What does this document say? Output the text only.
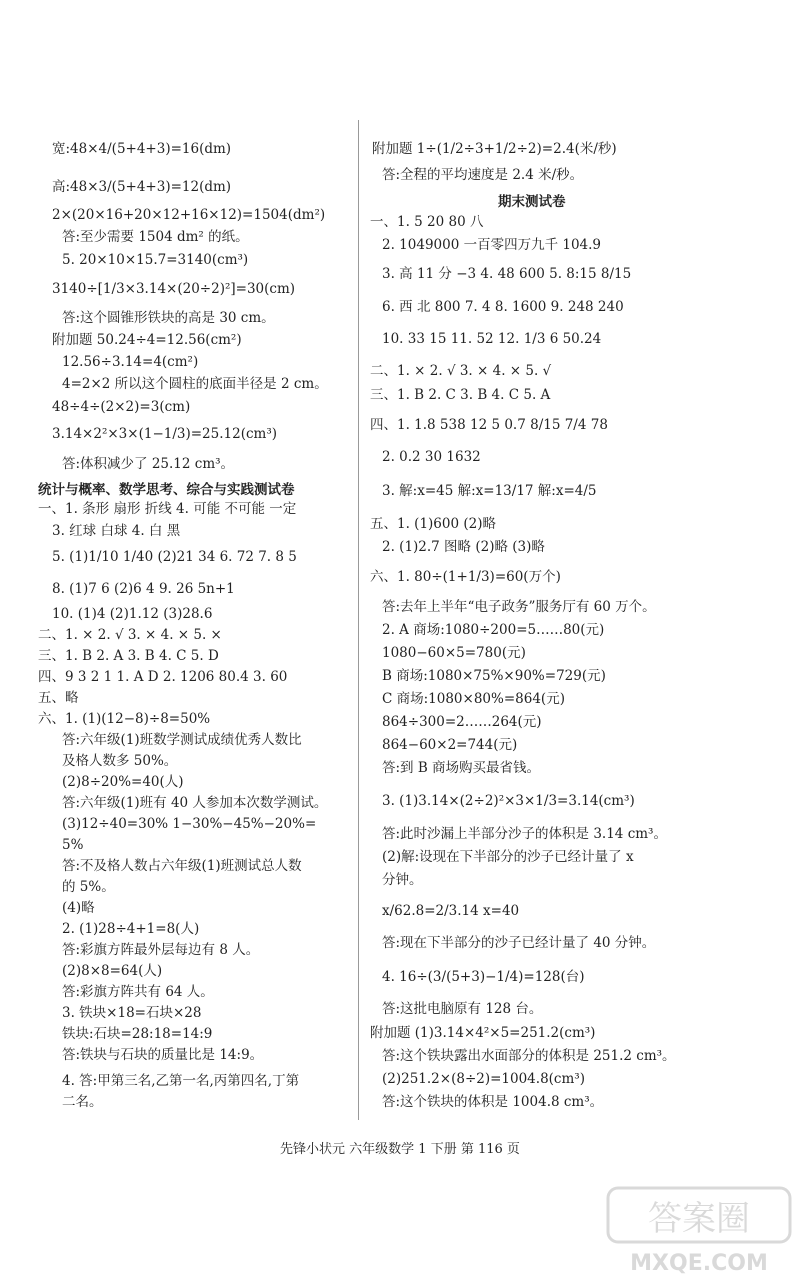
宽:48×4/(5+4+3)=16(dm)
高:48×3/(5+4+3)=12(dm)
2×(20×16+20×12+16×12)=1504(dm²)
答:至少需要 1504 dm² 的纸。
5. 20×10×15.7=3140(cm³)
3140÷[1/3×3.14×(20÷2)²]=30(cm)
答:这个圆锥形铁块的高是 30 cm。
附加题 50.24÷4=12.56(cm²)
12.56÷3.14=4(cm²)
4=2×2 所以这个圆柱的底面半径是 2 cm。
48÷4÷(2×2)=3(cm)
3.14×2²×3×(1−1/3)=25.12(cm³)
答:体积减少了 25.12 cm³。
统计与概率、数学思考、综合与实践测试卷
一、1. 条形 扇形 折线 4. 可能 不可能 一定
3. 红球 白球 4. 白 黑
5. (1)1/10 1/40 (2)21 34 6. 72 7. 8 5
8. (1)7 6 (2)6 4 9. 26 5n+1
10. (1)4 (2)1.12 (3)28.6
二、1. × 2. √ 3. × 4. × 5. ×
三、1. B 2. A 3. B 4. C 5. D
四、9 3 2 1 1. A D 2. 1206 80.4 3. 60
五、略
六、1. (1)(12−8)÷8=50%
答:六年级(1)班数学测试成绩优秀人数比
及格人数多 50%。
(2)8÷20%=40(人)
答:六年级(1)班有 40 人参加本次数学测试。
(3)12÷40=30% 1−30%−45%−20%=
5%
答:不及格人数占六年级(1)班测试总人数
的 5%。
(4)略
2. (1)28÷4+1=8(人)
答:彩旗方阵最外层每边有 8 人。
(2)8×8=64(人)
答:彩旗方阵共有 64 人。
3. 铁块×18=石块×28
铁块:石块=28:18=14:9
答:铁块与石块的质量比是 14:9。
4. 答:甲第三名,乙第一名,丙第四名,丁第
二名。
附加题 1÷(1/2÷3+1/2÷2)=2.4(米/秒)
答:全程的平均速度是 2.4 米/秒。
期末测试卷
一、1. 5 20 80 八
2. 1049000 一百零四万九千 104.9
3. 高 11 分 −3 4. 48 600 5. 8:15 8/15
6. 西 北 800 7. 4 8. 1600 9. 248 240
10. 33 15 11. 52 12. 1/3 6 50.24
二、1. × 2. √ 3. × 4. × 5. √
三、1. B 2. C 3. B 4. C 5. A
四、1. 1.8 538 12 5 0.7 8/15 7/4 78
2. 0.2 30 1632
3. 解:x=45 解:x=13/17 解:x=4/5
五、1. (1)600 (2)略
2. (1)2.7 图略 (2)略 (3)略
六、1. 80÷(1+1/3)=60(万个)
答:去年上半年“电子政务”服务厅有 60 万个。
2. A 商场:1080÷200=5……80(元)
1080−60×5=780(元)
B 商场:1080×75%×90%=729(元)
C 商场:1080×80%=864(元)
864÷300=2……264(元)
864−60×2=744(元)
答:到 B 商场购买最省钱。
3. (1)3.14×(2÷2)²×3×1/3=3.14(cm³)
答:此时沙漏上半部分沙子的体积是 3.14 cm³。
(2)解:设现在下半部分的沙子已经计量了 x
分钟。
x/62.8=2/3.14 x=40
答:现在下半部分的沙子已经计量了 40 分钟。
4. 16÷(3/(5+3)−1/4)=128(台)
答:这批电脑原有 128 台。
附加题 (1)3.14×4²×5=251.2(cm³)
答:这个铁块露出水面部分的体积是 251.2 cm³。
(2)251.2×(8÷2)=1004.8(cm³)
答:这个铁块的体积是 1004.8 cm³。
先锋小状元 六年级数学 1 下册 第 116 页
答案圈
MXQE.COM
